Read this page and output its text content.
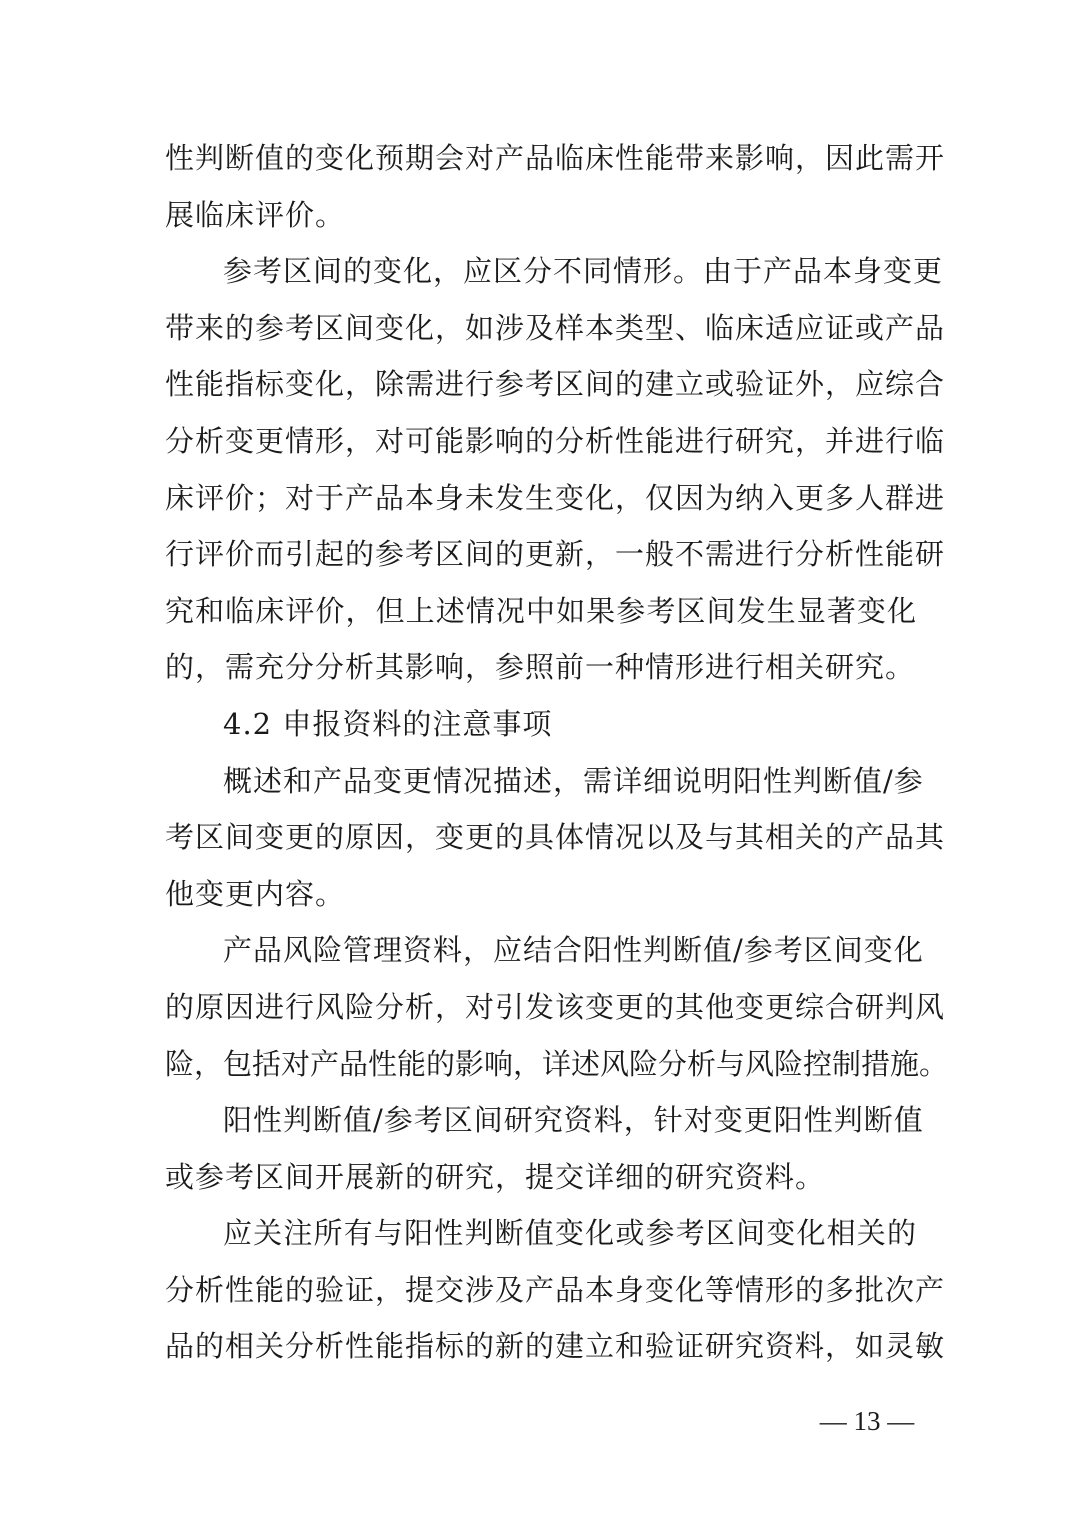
性判断值的变化预期会对产品临床性能带来影响，因此需开
展临床评价。
参考区间的变化，应区分不同情形。由于产品本身变更
带来的参考区间变化，如涉及样本类型、临床适应证或产品
性能指标变化，除需进行参考区间的建立或验证外，应综合
分析变更情形，对可能影响的分析性能进行研究，并进行临
床评价；对于产品本身未发生变化，仅因为纳入更多人群进
行评价而引起的参考区间的更新，一般不需进行分析性能研
究和临床评价，但上述情况中如果参考区间发生显著变化
的，需充分分析其影响，参照前一种情形进行相关研究。
4.2 申报资料的注意事项
概述和产品变更情况描述，需详细说明阳性判断值/参
考区间变更的原因，变更的具体情况以及与其相关的产品其
他变更内容。
产品风险管理资料，应结合阳性判断值/参考区间变化
的原因进行风险分析，对引发该变更的其他变更综合研判风
险，包括对产品性能的影响，详述风险分析与风险控制措施。
阳性判断值/参考区间研究资料，针对变更阳性判断值
或参考区间开展新的研究，提交详细的研究资料。
应关注所有与阳性判断值变化或参考区间变化相关的
分析性能的验证，提交涉及产品本身变化等情形的多批次产
品的相关分析性能指标的新的建立和验证研究资料，如灵敏
— 13 —
